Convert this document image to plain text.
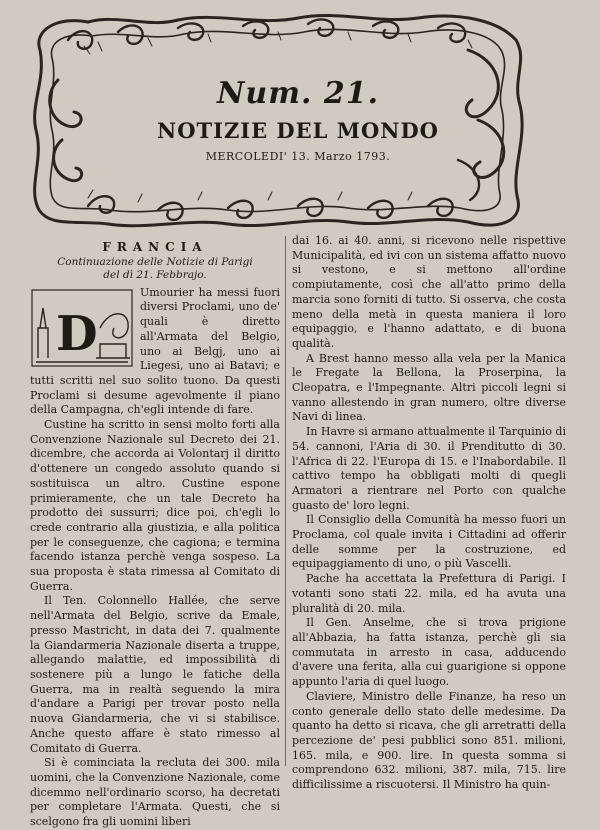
Num. 21.
NOTIZIE DEL MONDO
MERCOLEDI' 13. Marzo 1793.
FRANCIA
Continuazione delle Notizie di Parigi
del dì 21. Febbrajo.
D

Umourier ha messi fuori diversi Proclami, uno de' quali è diretto all'Armata del Belgio, uno ai Belgj, uno ai Liegesi, uno ai Batavi; e tutti scritti nel suo solito tuono. Da questi Proclami si desume agevolmente il piano della Campagna, ch'egli intende di fare.

Custine ha scritto in sensi molto forti alla Convenzione Nazionale sul Decreto dei 21. dicembre, che accorda ai Volontarj il diritto d'ottenere un congedo assoluto quando si sostituisca un altro. Custine espone primieramente, che un tale Decreto ha prodotto dei sussurri; dice poi, ch'egli lo crede contrario alla giustizia, e alla politica per le conseguenze, che cagiona; e termina facendo istanza perchè venga sospeso. La sua proposta è stata rimessa al Comitato di Guerra.

Il Ten. Colonnello Hallée, che serve nell'Armata del Belgio, scrive da Emale, presso Mastricht, in data dei 7. qualmente la Giandarmeria Nazionale diserta a truppe, allegando malattie, ed impossibilità di sostenere più a lungo le fatiche della Guerra, ma in realtà seguendo la mira d'andare a Parigi per trovar posto nella nuova Giandarmeria, che vi si stabilisce. Anche questo affare è stato rimesso al Comitato di Guerra.

Si è cominciata la recluta dei 300. mila uomini, che la Convenzione Nazionale, come dicemmo nell'ordinario scorso, ha decretati per completare l'Armata. Questi, che si scelgono fra gli uomini liberi

dai 16. ai 40. anni, si ricevono nelle rispettive Municipalità, ed ivi con un sistema affatto nuovo si vestono, e si mettono all'ordine compiutamente, così che all'atto primo della marcia sono forniti di tutto. Si osserva, che costa meno della metà in questa maniera il loro equipaggio, e l'hanno adattato, e di buona qualità.

A Brest hanno messo alla vela per la Manica le Fregate la Bellona, la Proserpina, la Cleopatra, e l'Impegnante. Altri piccoli legni si vanno allestendo in gran numero, oltre diverse Navi di linea.

In Havre si armano attualmente il Tarquinio di 54. cannoni, l'Aria di 30. il Prenditutto di 30. l'Africa di 22. l'Europa di 15. e l'Inabordabile. Il cattivo tempo ha obbligati molti di quegli Armatori a rientrare nel Porto con qualche guasto de' loro legni.

Il Consiglio della Comunità ha messo fuori un Proclama, col quale invita i Cittadini ad offerir delle somme per la costruzione, ed equipaggiamento di uno, o più Vascelli.

Pache ha accettata la Prefettura di Parigi. I votanti sono stati 22. mila, ed ha avuta una pluralità di 20. mila.

Il Gen. Anselme, che si trova prigione all'Abbazia, ha fatta istanza, perchè gli sia commutata in arresto in casa, adducendo d'avere una ferita, alla cui guarigione si oppone appunto l'aria di quel luogo.

Claviere, Ministro delle Finanze, ha reso un conto generale dello stato delle medesime. Da quanto ha detto si ricava, che gli arretratti della percezione de' pesi pubblici sono 851. milioni, 165. mila, e 900. lire. In questa somma si comprendono 632. milioni, 387. mila, 715. lire difficilissime a riscuotersi. Il Ministro ha quin-
